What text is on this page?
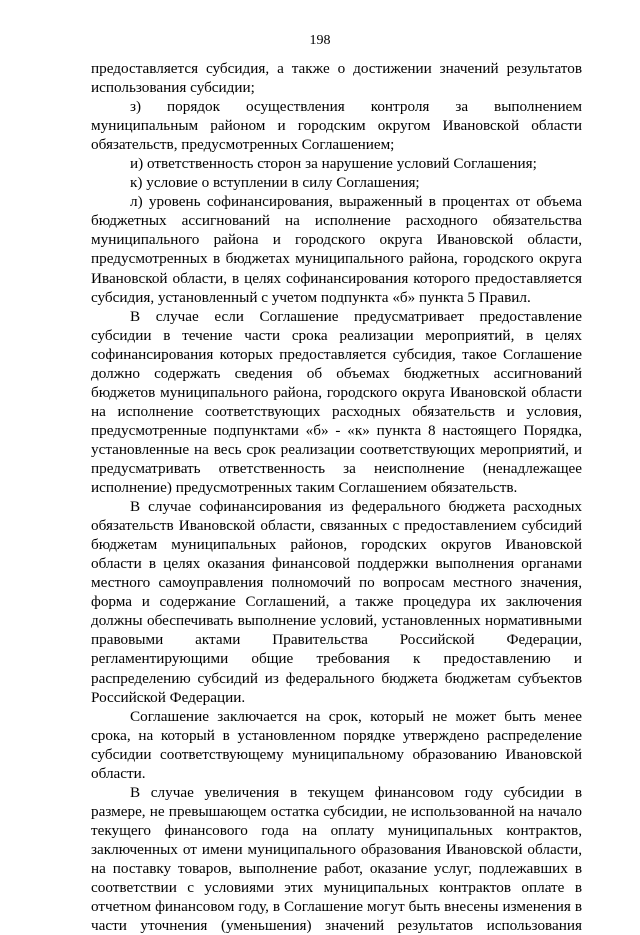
198

предоставляется субсидия, а также о достижении значений результатов использования субсидии;

з) порядок осуществления контроля за выполнением муниципальным районом и городским округом Ивановской области обязательств, предусмотренных Соглашением;

и) ответственность сторон за нарушение условий Соглашения;

к) условие о вступлении в силу Соглашения;

л) уровень софинансирования, выраженный в процентах от объема бюджетных ассигнований на исполнение расходного обязательства муниципального района и городского округа Ивановской области, предусмотренных в бюджетах муниципального района, городского округа Ивановской области, в целях софинансирования которого предоставляется субсидия, установленный с учетом подпункта «б» пункта 5 Правил.

В случае если Соглашение предусматривает предоставление субсидии в течение части срока реализации мероприятий, в целях софинансирования которых предоставляется субсидия, такое Соглашение должно содержать сведения об объемах бюджетных ассигнований бюджетов муниципального района, городского округа Ивановской области на исполнение соответствующих расходных обязательств и условия, предусмотренные подпунктами «б» - «к» пункта 8 настоящего Порядка, установленные на весь срок реализации соответствующих мероприятий, и предусматривать ответственность за неисполнение (ненадлежащее исполнение) предусмотренных таким Соглашением обязательств.

В случае софинансирования из федерального бюджета расходных обязательств Ивановской области, связанных с предоставлением субсидий бюджетам муниципальных районов, городских округов Ивановской области в целях оказания финансовой поддержки выполнения органами местного самоуправления полномочий по вопросам местного значения, форма и содержание Соглашений, а также процедура их заключения должны обеспечивать выполнение условий, установленных нормативными правовыми актами Правительства Российской Федерации, регламентирующими общие требования к предоставлению и распределению субсидий из федерального бюджета бюджетам субъектов Российской Федерации.

Соглашение заключается на срок, который не может быть менее срока, на который в установленном порядке утверждено распределение субсидии соответствующему муниципальному образованию Ивановской области.

В случае увеличения в текущем финансовом году субсидии в размере, не превышающем остатка субсидии, не использованной на начало текущего финансового года на оплату муниципальных контрактов, заключенных от имени муниципального образования Ивановской области, на поставку товаров, выполнение работ, оказание услуг, подлежавших в соответствии с условиями этих муниципальных контрактов оплате в отчетном финансовом году, в Соглашение могут быть внесены изменения в части уточнения (уменьшения) значений результатов использования
